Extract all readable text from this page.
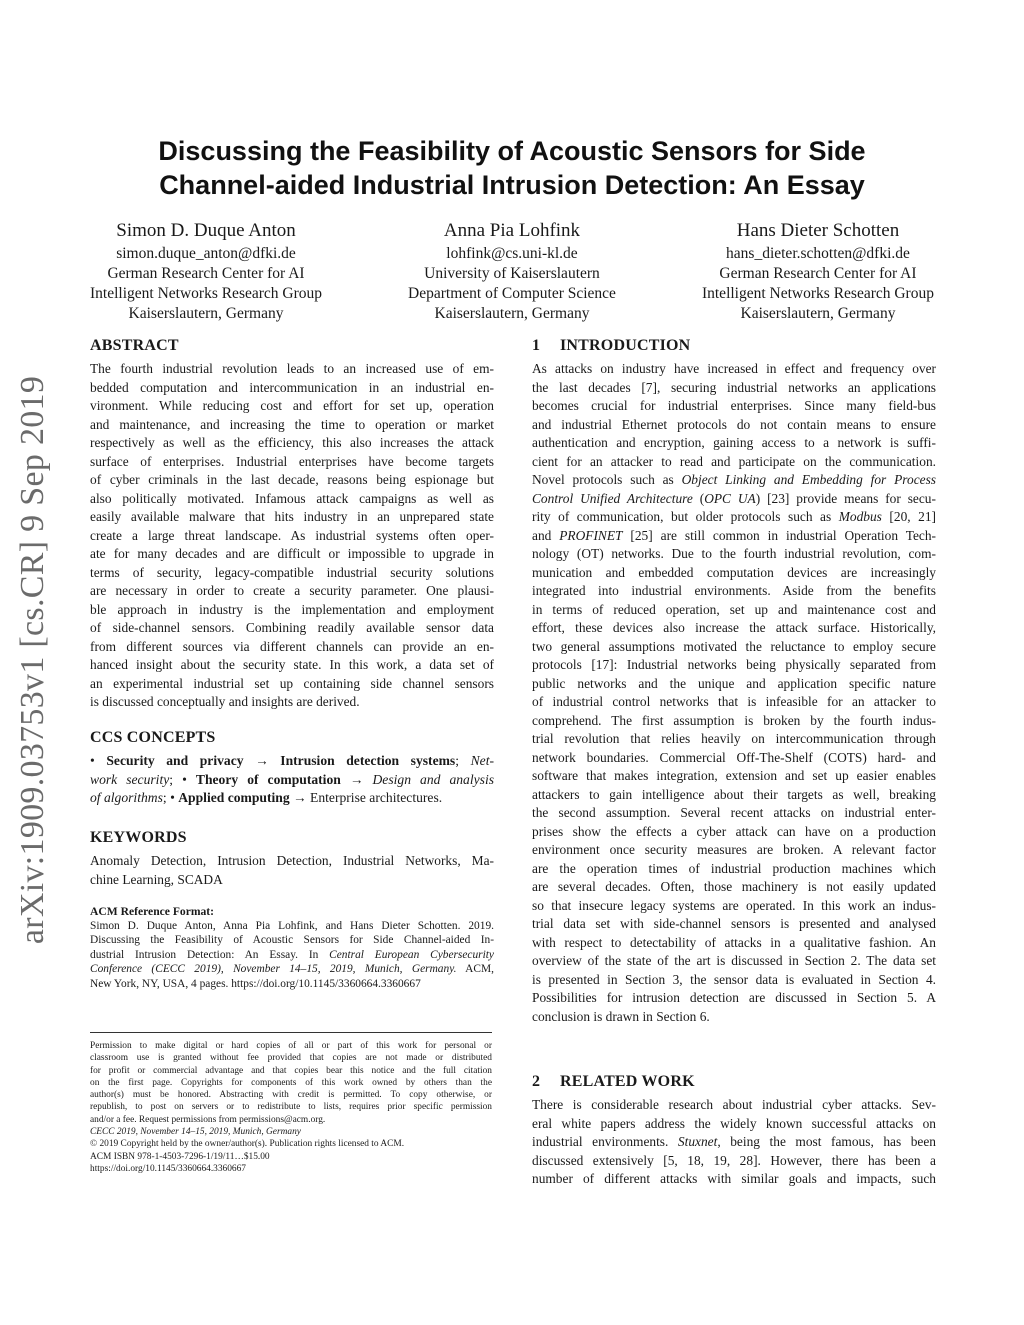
Discussing the Feasibility of Acoustic Sensors for Side
Channel-aided Industrial Intrusion Detection: An Essay
Simon D. Duque Anton
simon.duque_anton@dfki.de
German Research Center for AI
Intelligent Networks Research Group
Kaiserslautern, Germany
Anna Pia Lohfink
lohfink@cs.uni-kl.de
University of Kaiserslautern
Department of Computer Science
Kaiserslautern, Germany
Hans Dieter Schotten
hans_dieter.schotten@dfki.de
German Research Center for AI
Intelligent Networks Research Group
Kaiserslautern, Germany
arXiv:1909.03753v1 [cs.CR] 9 Sep 2019
ABSTRACT
The fourth industrial revolution leads to an increased use of em-
bedded computation and intercommunication in an industrial en-
vironment. While reducing cost and effort for set up, operation
and maintenance, and increasing the time to operation or market
respectively as well as the efficiency, this also increases the attack
surface of enterprises. Industrial enterprises have become targets
of cyber criminals in the last decade, reasons being espionage but
also politically motivated. Infamous attack campaigns as well as
easily available malware that hits industry in an unprepared state
create a large threat landscape. As industrial systems often oper-
ate for many decades and are difficult or impossible to upgrade in
terms of security, legacy-compatible industrial security solutions
are necessary in order to create a security parameter. One plausi-
ble approach in industry is the implementation and employment
of side-channel sensors. Combining readily available sensor data
from different sources via different channels can provide an en-
hanced insight about the security state. In this work, a data set of
an experimental industrial set up containing side channel sensors
is discussed conceptually and insights are derived.
CCS CONCEPTS
• Security and privacy → Intrusion detection systems; Net-
work security; • Theory of computation → Design and analysis
of algorithms; • Applied computing → Enterprise architectures.
KEYWORDS
Anomaly Detection, Intrusion Detection, Industrial Networks, Ma-
chine Learning, SCADA
ACM Reference Format:
Simon D. Duque Anton, Anna Pia Lohfink, and Hans Dieter Schotten. 2019.
Discussing the Feasibility of Acoustic Sensors for Side Channel-aided In-
dustrial Intrusion Detection: An Essay. In Central European Cybersecurity
Conference (CECC 2019), November 14–15, 2019, Munich, Germany. ACM,
New York, NY, USA, 4 pages. https://doi.org/10.1145/3360664.3360667
Permission to make digital or hard copies of all or part of this work for personal or
classroom use is granted without fee provided that copies are not made or distributed
for profit or commercial advantage and that copies bear this notice and the full citation
on the first page. Copyrights for components of this work owned by others than the
author(s) must be honored. Abstracting with credit is permitted. To copy otherwise, or
republish, to post on servers or to redistribute to lists, requires prior specific permission
and/or a fee. Request permissions from permissions@acm.org.
CECC 2019, November 14–15, 2019, Munich, Germany
© 2019 Copyright held by the owner/author(s). Publication rights licensed to ACM.
ACM ISBN 978-1-4503-7296-1/19/11…$15.00
https://doi.org/10.1145/3360664.3360667
1 INTRODUCTION
As attacks on industry have increased in effect and frequency over
the last decades [7], securing industrial networks an applications
becomes crucial for industrial enterprises. Since many field-bus
and industrial Ethernet protocols do not contain means to ensure
authentication and encryption, gaining access to a network is suffi-
cient for an attacker to read and participate on the communication.
Novel protocols such as Object Linking and Embedding for Process
Control Unified Architecture (OPC UA) [23] provide means for secu-
rity of communication, but older protocols such as Modbus [20, 21]
and PROFINET [25] are still common in industrial Operation Tech-
nology (OT) networks. Due to the fourth industrial revolution, com-
munication and embedded computation devices are increasingly
integrated into industrial environments. Aside from the benefits
in terms of reduced operation, set up and maintenance cost and
effort, these devices also increase the attack surface. Historically,
two general assumptions motivated the reluctance to employ secure
protocols [17]: Industrial networks being physically separated from
public networks and the unique and application specific nature
of industrial control networks that is infeasible for an attacker to
comprehend. The first assumption is broken by the fourth indus-
trial revolution that relies heavily on intercommunication through
network boundaries. Commercial Off-The-Shelf (COTS) hard- and
software that makes integration, extension and set up easier enables
attackers to gain intelligence about their targets as well, breaking
the second assumption. Several recent attacks on industrial enter-
prises show the effects a cyber attack can have on a production
environment once security measures are broken. A relevant factor
are the operation times of industrial production machines which
are several decades. Often, those machinery is not easily updated
so that insecure legacy systems are operated. In this work an indus-
trial data set with side-channel sensors is presented and analysed
with respect to detectability of attacks in a qualitative fashion. An
overview of the state of the art is discussed in Section 2. The data set
is presented in Section 3, the sensor data is evaluated in Section 4.
Possibilities for intrusion detection are discussed in Section 5. A
conclusion is drawn in Section 6.
2 RELATED WORK
There is considerable research about industrial cyber attacks. Sev-
eral white papers address the widely known successful attacks on
industrial environments. Stuxnet, being the most famous, has been
discussed extensively [5, 18, 19, 28]. However, there has been a
number of different attacks with similar goals and impacts, such
